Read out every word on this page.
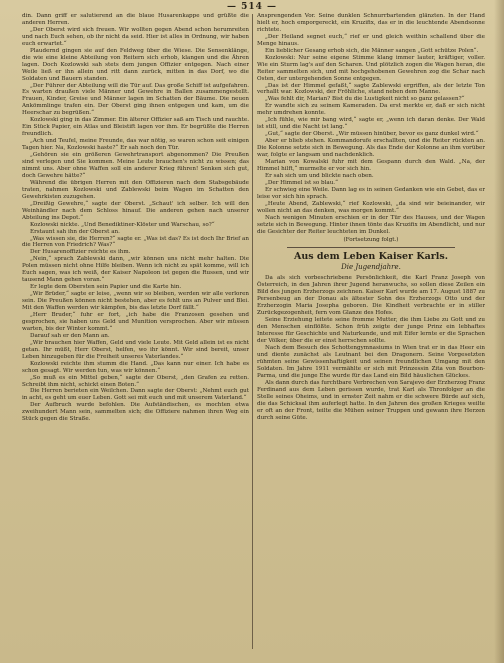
— 514 —

din. Dann griff er salutierend an die blaue Husarenkappe und grüßte die anderen Herren.

„Der Oberst wird sich freuen. Wir wollten gegen Abend schon herumreiten und nach Euch sehen, ob ihr nicht da seid. Hier ist alles in Ordnung, wir haben euch erwartet.“

Plaudernd gingen sie auf den Feldweg über die Wiese. Die Sensenklänge, die wie eine kleine Abteilung von Reitern sich erhob, klangen und die Ähren lagen. Doch Kozlowski sah stets dem jungen Offizier entgegen. Nach einer Weile ließ er ihn allein und ritt dann zurück, mitten in das Dorf, wo die Soldaten und Bauern standen.

„Der Führer der Abteilung will die Tür auf. Das große Schiff ist aufgefahren. Es warten draußen viele Männer und Gewehre in Ballen zusammengestellt. Frauen, Kinder, Greise und Männer lagen im Schatten der Bäume. Die neuen Ankömmlinge trafen ein. Der Oberst ging ihnen entgegen und kam, um die Heerschar zu begrüßen.“

Kozlowski ging in das Zimmer. Ein älterer Offizier saß am Tisch und rauchte. Ein Stück Papier, ein Atlas und Bleistift lagen vor ihm. Er begrüßte die Herren freundlich.

„Ach und Teufel, meine Freunde, das war nötig, so waren schon seit einigen Tagen hier. Na, Kozlowski haste?“ Er sah noch den Tür.

„Gehören sie ein größeren Gewehrtransport abgenommen? Die Preußen sind verlegen und Sie kommen. Meine Leute brauchen's nicht zu wissen; das nimmt uns. Aber ohne Waffen soll ein anderer Krieg führen! Senken sich gut, doch Gewehre hätte?“

Während die übrigen Herren mit den Offizieren nach dem Stabsgebäude traten, nahmen Kozlowski und Zablewski beim Wagen im Schatten den Gewehrkisten zuzugehen.

„Dreißig Gewehre,“ sagte der Oberst. „Schaut' ich selber. Ich will den Weinhändler nach dem Schloss hinauf. Die anderen gehen nach unserer Abteilung ins Depot.“

Kozlowski nickte. „Und Benediktiner-Klöster und Warschau, so?“

Erstaunt sah ihn der Oberst an.

„Was wissen sie, die Herren?“ sagte er. „Was ist das? Es ist doch Ihr Brief an die Herren von Friedrich? Was?“

Der Husarenoffizier reichte es ihm.

„Nein,“ sprach Zablewski dann, „wir können uns nicht mehr halten. Die Polen müssen nicht ohne Hilfe bleiben. Wenn ich nicht zu spät komme, will ich Euch sagen, was ich weiß, der Kaiser Napoleon ist gegen die Russen, und wir tausend Mann gehen voran.“

Er legte dem Obersten sein Papier und die Karte hin.

„Wir Brüder,“ sagte er leise, „wenn wir so bleiben, werden wir alle verloren sein. Die Preußen können nicht bestehen, aber es fehlt uns an Pulver und Blei. Mit den Waffen werden wir kämpfen, bis das letzte Dorf fällt.“

„Herr Bruder,“ fuhr er fort, „ich habe die Franzosen gesehen und gesprochen, sie haben uns Geld und Munition versprochen. Aber wir müssen warten, bis der Winter kommt.“

Darauf sah er den Mann an.

„Wir brauchen hier Waffen, Geld und viele Leute. Mit Geld allein ist es nicht getan. Ihr müßt, Herr Oberst, helfen, wo ihr könnt. Wir sind bereit, unser Leben hinzugeben für die Freiheit unseres Vaterlandes.“

Kozlowski reichte ihm stumm die Hand. „Das kann nur einer. Ich habe es schon gesagt. Wir werden tun, was wir können.“

„So muß es ein Mittel geben,“ sagte der Oberst, „den Grafen zu retten. Schreibt ihm nicht, schickt einen Boten.“

Die Herren berieten ein Weilchen. Dann sagte der Oberst: „Nehmt euch gut in acht, es geht um euer Leben. Gott sei mit euch und mit unserem Vaterland.“

Der Aufbruch wurde befohlen. Die Aufständischen, es mochten etwa zweihundert Mann sein, sammelten sich; die Offiziere nahmen ihren Weg ein Stück gegen die Straße.

Ansprengenden Vor. Seine dunklen Schnurrbartenden glänzten. In der Hand hielt er, hoch emporgereckt, ein Kruzifix, das er in die leuchtende Abendsonne richtete.

„Der Heiland segnet euch,“ rief er und gleich weithin schallend über die Menge hinaus.

Ein lieblicher Gesang erhob sich, die Männer sangen „Gott schütze Polen“.

Kozlowski: Nur seine eigene Stimme klang immer lauter, kräftiger, voller. Wie ein Sturm lag's auf den Scharen. Und plötzlich zogen die Wagen heran, die Reiter sammelten sich, und mit hochgehobenen Gewehren zog die Schar nach Osten, der untergehenden Sonne entgegen.

„Das ist der Himmel gefaßt,“ sagte Zablewski ergriffen, als der letzte Ton verhallt war. Kozlowski, der Fröhliche, stand neben dem Manne.

„Was fehlt dir, Marian? Bist du die Lustigkeit nicht so ganz gelassen?“

Er wandte sich zu seinem Kameraden. Da erst merkte er, daß er sich nicht mehr umdrehen konnte.

„Ich fühle, wie mir bang wird,“ sagte er, „wenn ich daran denke. Der Wald ist still, und die Nacht ist lang.“

„Gut,“ sagte der Oberst. „Wir müssen hinüber, bevor es ganz dunkel wird.“

Aber er blieb stehen. Kommandorufe erschallten, und die Reiter rückten an. Die Kolonne setzte sich in Bewegung. Als das Ende der Kolonne an ihm vorüber war, folgte er langsam und nachdenklich.

Marian von Kowalski fuhr mit dem Gespann durch den Wald. „Na, der Himmel hilft,“ murmelte er vor sich hin.

Er sah sich um und blickte nach oben.

„Der Himmel ist so blau.“

Er schwieg eine Weile. Dann lag es in seinen Gedanken wie ein Gebet, das er leise vor sich hin sprach.

„Heute Abend, Zablewski,“ rief Kozlowski, „da sind wir beieinander, wir wollen nicht an das denken, was morgen kommt.“

Nach wenigen Minuten erschien er in der Tür des Hauses, und der Wagen setzte sich in Bewegung. Hinter ihnen tönte das Kruzifix im Abendlicht, und nur die Gesichter der Reiter leuchteten im Dunkel.

(Fortsetzung folgt.)
Aus dem Leben Kaiser Karls.
Die Jugendjahre.

Da als sich vorbeschriebene Persönlichkeit, die Karl Franz Joseph von Österreich, in den Jahren ihrer Jugend heranwuchs, so sollen diese Zeilen ein Bild des jungen Erzherzogs zeichnen. Kaiser Karl wurde am 17. August 1887 zu Persenbeug an der Donau als ältester Sohn des Erzherzogs Otto und der Erzherzogin Maria Josepha geboren. Die Kindheit verbrachte er in stiller Zurückgezogenheit, fern vom Glanze des Hofes.

Seine Erziehung leitete seine fromme Mutter, die ihm Liebe zu Gott und zu den Menschen einflößte. Schon früh zeigte der junge Prinz ein lebhaftes Interesse für Geschichte und Naturkunde, und mit Eifer lernte er die Sprachen der Völker, über die er einst herrschen sollte.

Nach dem Besuch des Schottengymnasiums in Wien trat er in das Heer ein und diente zunächst als Leutnant bei den Dragonern. Seine Vorgesetzten rühmten seine Gewissenhaftigkeit und seinen freundlichen Umgang mit den Soldaten. Im Jahre 1911 vermählte er sich mit Prinzessin Zita von Bourbon-Parma, und die junge Ehe wurde für das Land ein Bild häuslichen Glückes.

Als dann durch das furchtbare Verbrechen von Sarajevo der Erzherzog Franz Ferdinand aus dem Leben gerissen wurde, trat Karl als Thronfolger an die Stelle seines Oheims, und in ernster Zeit nahm er die schwere Bürde auf sich, die das Schicksal ihm auferlegt hatte. In den Jahren des großen Krieges weilte er oft an der Front, teilte die Mühen seiner Truppen und gewann ihre Herzen durch seine Güte.
